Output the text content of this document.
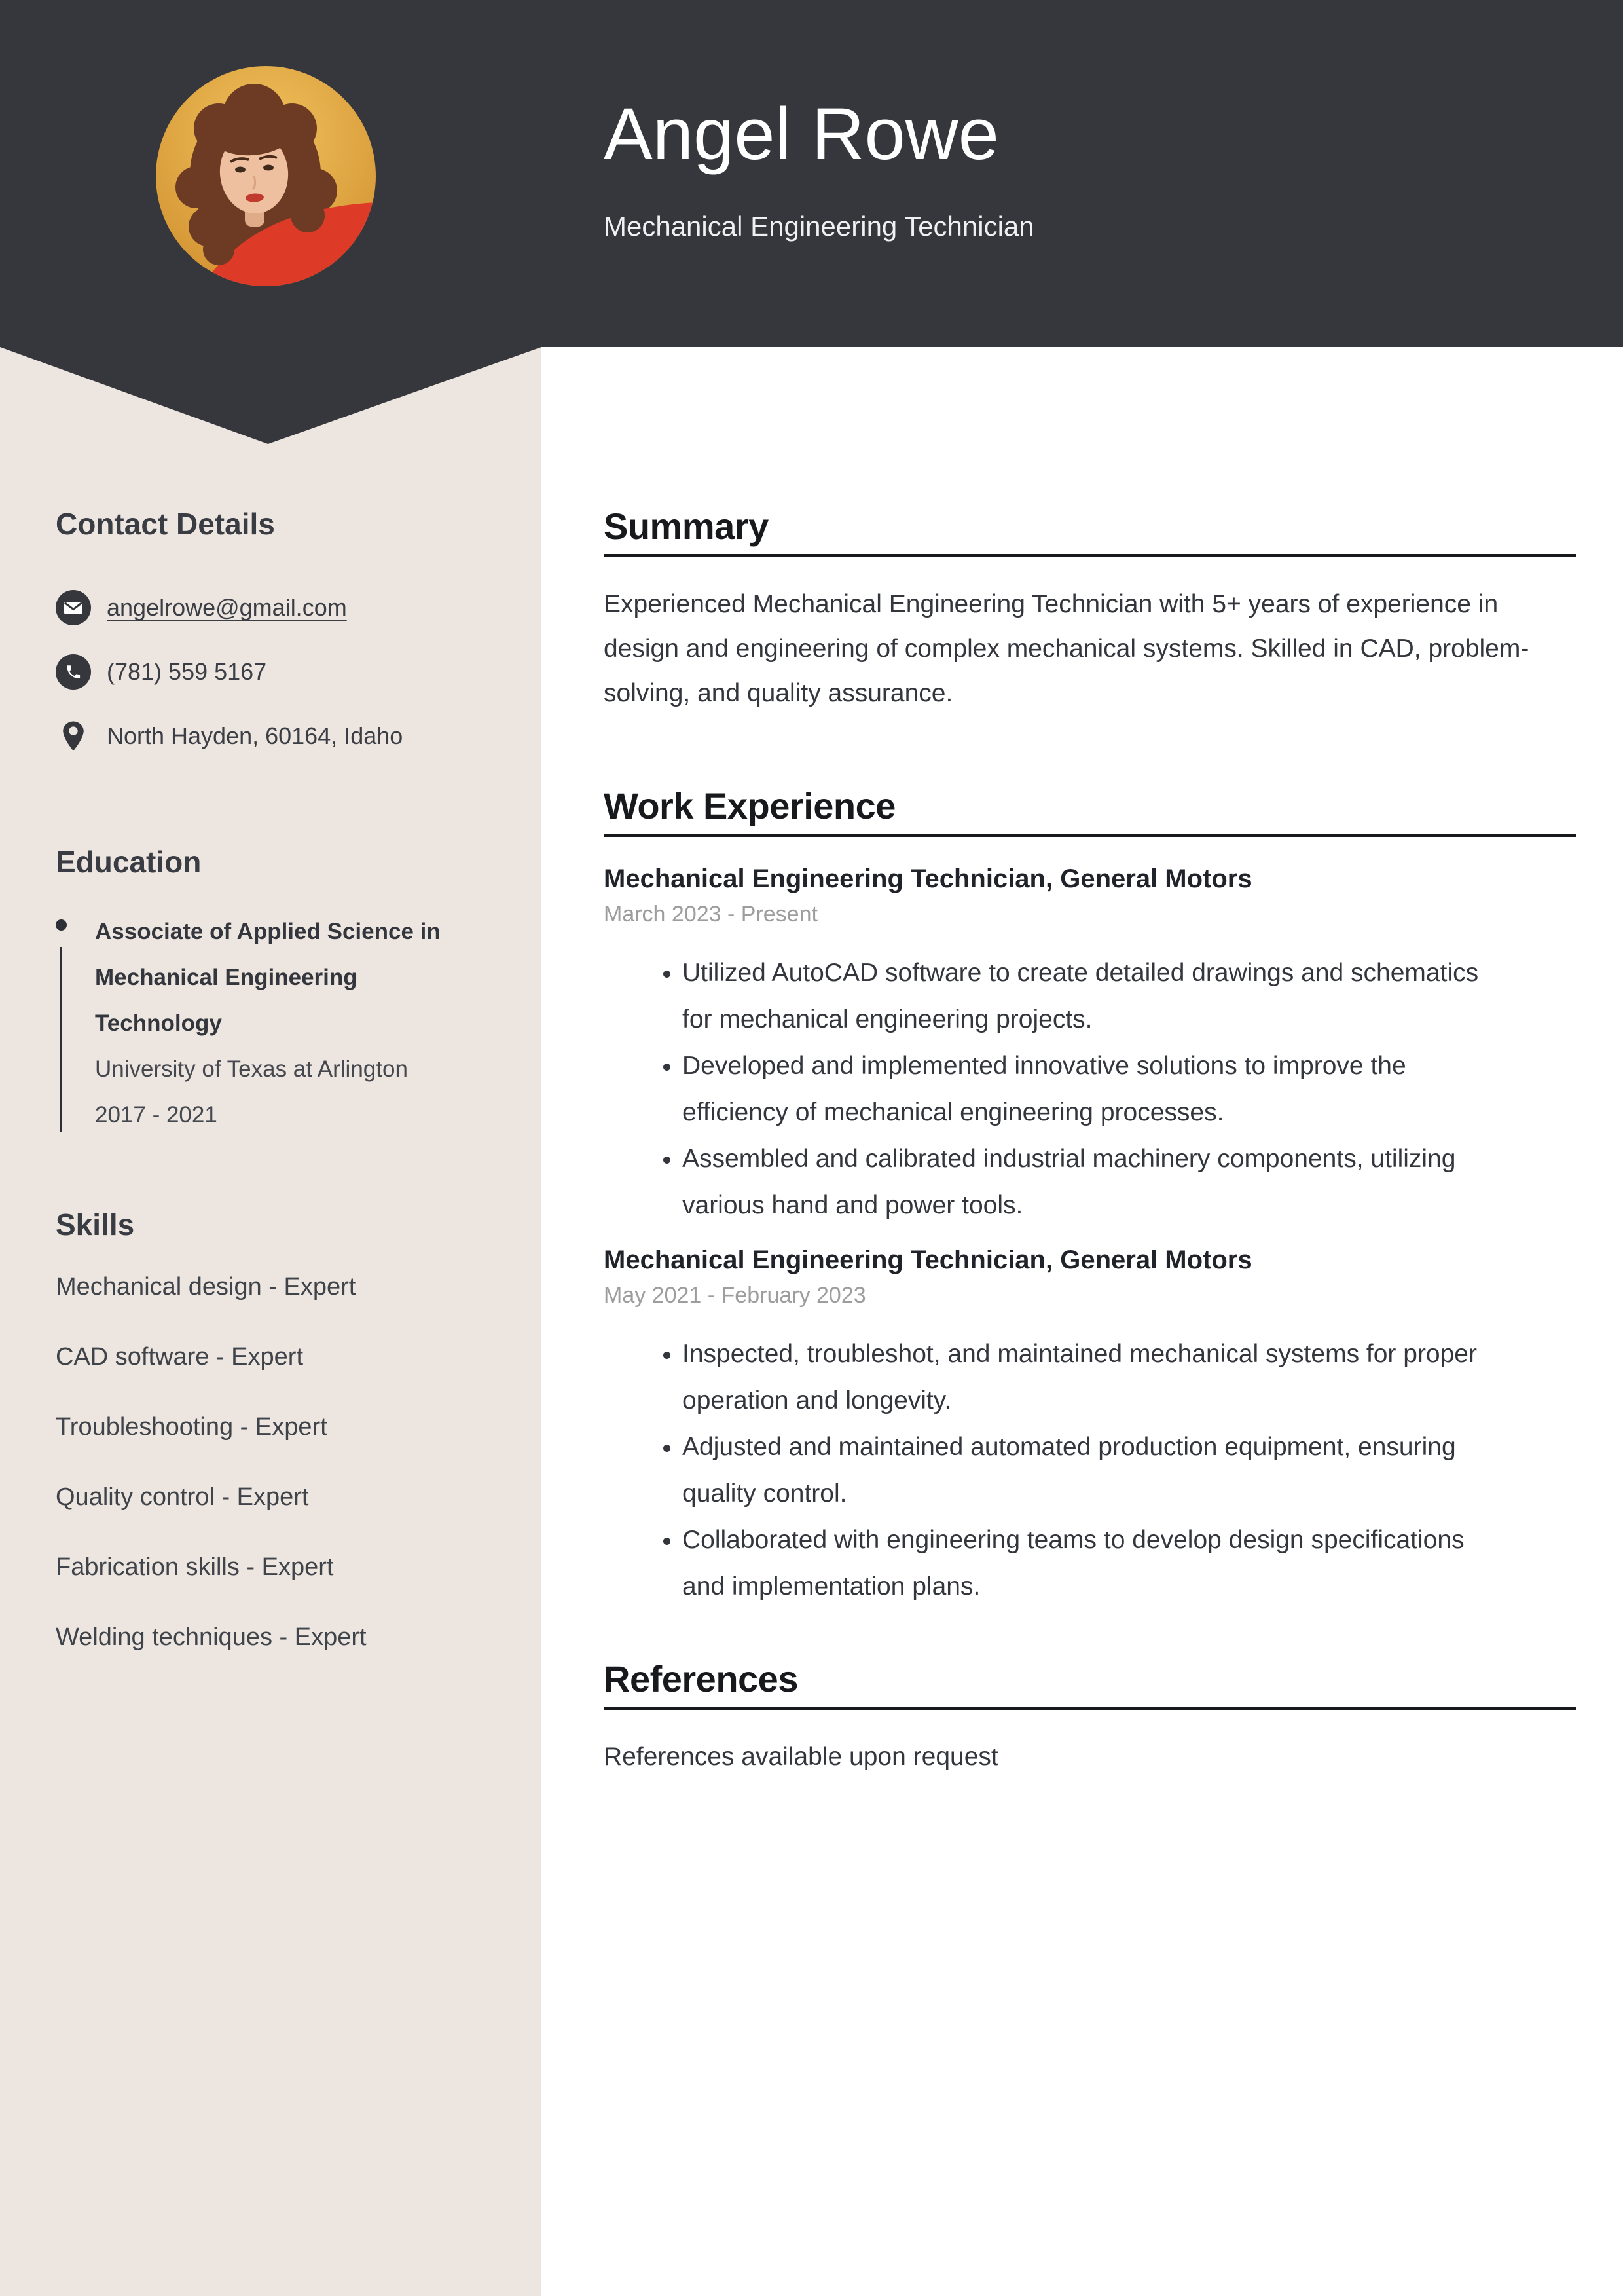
Angel Rowe
Mechanical Engineering Technician
Contact Details
angelrowe@gmail.com
(781) 559 5167
North Hayden, 60164, Idaho
Education
Associate of Applied Science in Mechanical Engineering Technology
University of Texas at Arlington
2017 - 2021
Skills
Mechanical design - Expert
CAD software - Expert
Troubleshooting - Expert
Quality control - Expert
Fabrication skills - Expert
Welding techniques - Expert
Summary

Experienced Mechanical Engineering Technician with 5+ years of experience in design and engineering of complex mechanical systems. Skilled in CAD, problem-solving, and quality assurance.

Work Experience
Mechanical Engineering Technician, General Motors
March 2023 - Present
• Utilized AutoCAD software to create detailed drawings and schematics for mechanical engineering projects.
• Developed and implemented innovative solutions to improve the efficiency of mechanical engineering processes.
• Assembled and calibrated industrial machinery components, utilizing various hand and power tools.
Mechanical Engineering Technician, General Motors
May 2021 - February 2023
• Inspected, troubleshot, and maintained mechanical systems for proper operation and longevity.
• Adjusted and maintained automated production equipment, ensuring quality control.
• Collaborated with engineering teams to develop design specifications and implementation plans.
References

References available upon request
